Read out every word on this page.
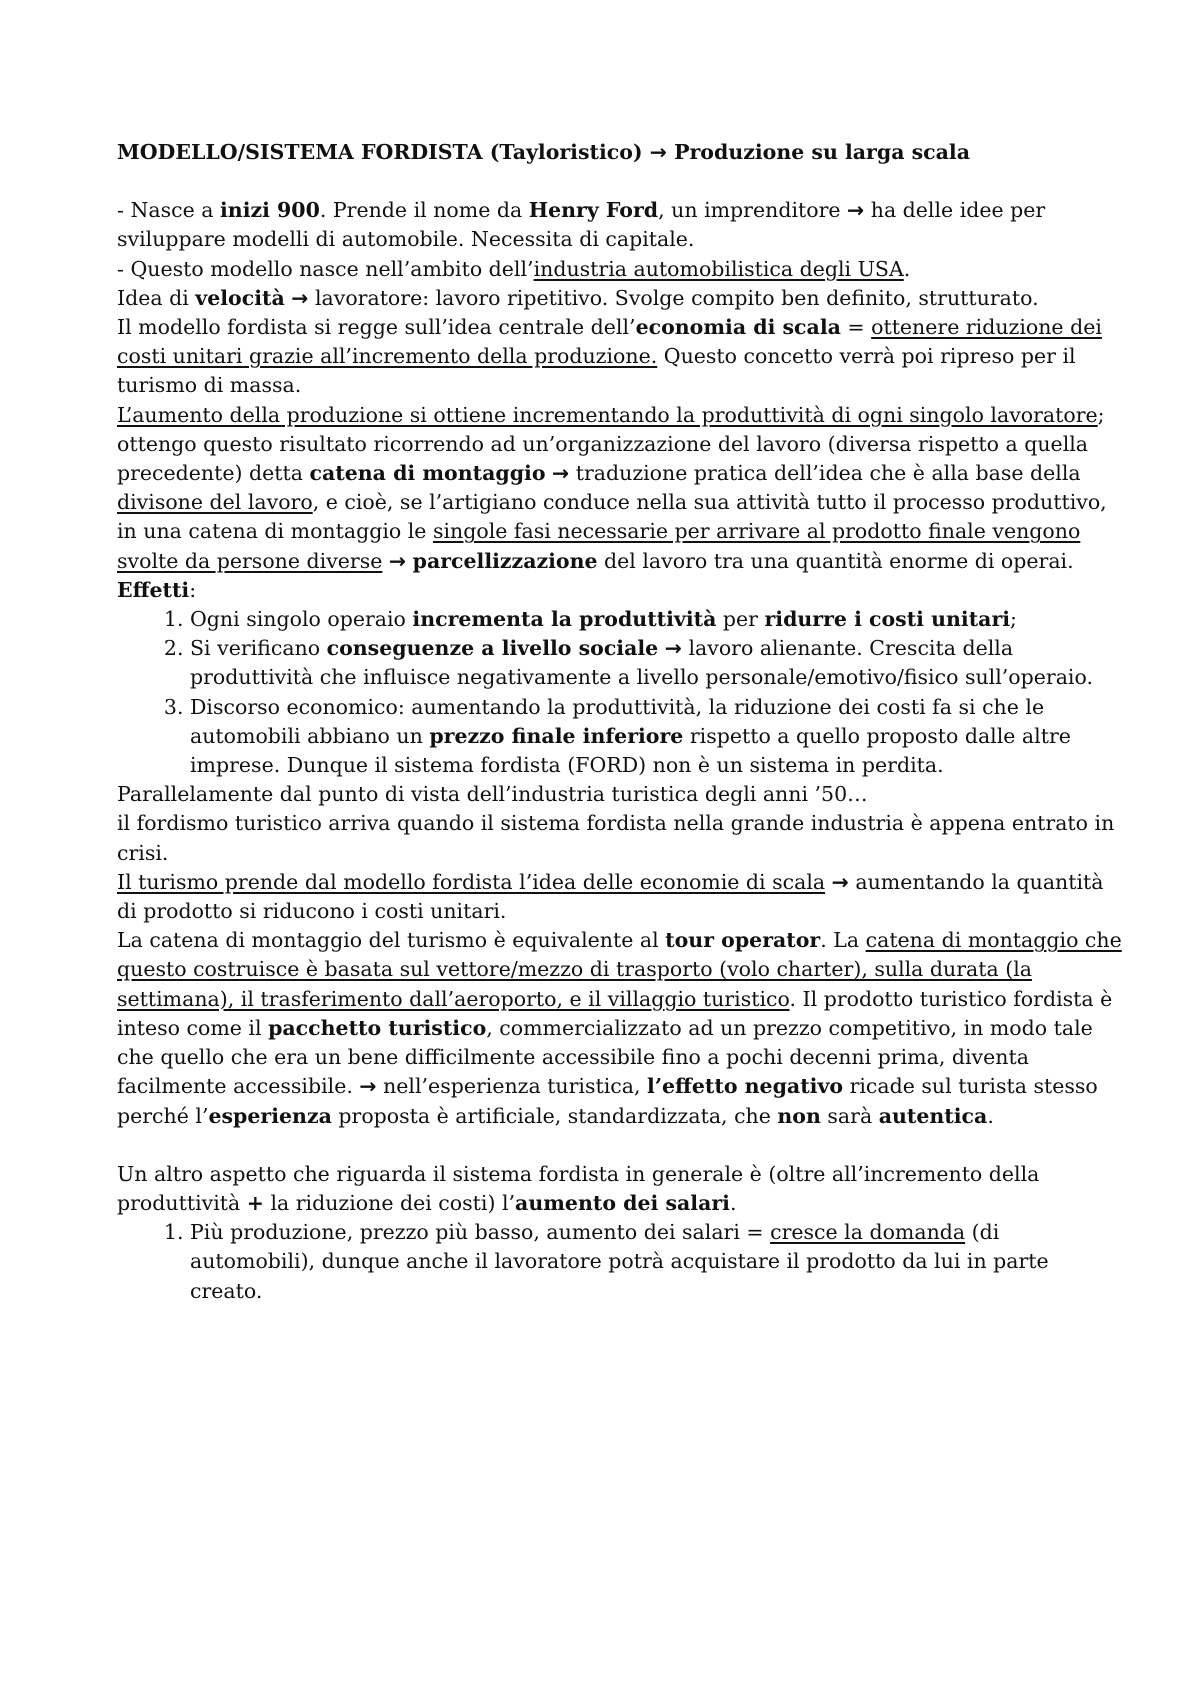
MODELLO/SISTEMA FORDISTA (Tayloristico) → Produzione su larga scala

- Nasce a inizi 900. Prende il nome da Henry Ford, un imprenditore → ha delle idee per sviluppare modelli di automobile. Necessita di capitale.

- Questo modello nasce nell’ambito dell’industria automobilistica degli USA.

Idea di velocità → lavoratore: lavoro ripetitivo. Svolge compito ben definito, strutturato.

Il modello fordista si regge sull’idea centrale dell’economia di scala = ottenere riduzione dei costi unitari grazie all’incremento della produzione. Questo concetto verrà poi ripreso per il turismo di massa.

L’aumento della produzione si ottiene incrementando la produttività di ogni singolo lavoratore; ottengo questo risultato ricorrendo ad un’organizzazione del lavoro (diversa rispetto a quella precedente) detta catena di montaggio → traduzione pratica dell’idea che è alla base della divisone del lavoro, e cioè, se l’artigiano conduce nella sua attività tutto il processo produttivo, in una catena di montaggio le singole fasi necessarie per arrivare al prodotto finale vengono svolte da persone diverse → parcellizzazione del lavoro tra una quantità enorme di operai.

Effetti:

1. Ogni singolo operaio incrementa la produttività per ridurre i costi unitari;
2. Si verificano conseguenze a livello sociale → lavoro alienante. Crescita della produttività che influisce negativamente a livello personale/emotivo/fisico sull’operaio.
3. Discorso economico: aumentando la produttività, la riduzione dei costi fa si che le automobili abbiano un prezzo finale inferiore rispetto a quello proposto dalle altre imprese. Dunque il sistema fordista (FORD) non è un sistema in perdita.

Parallelamente dal punto di vista dell’industria turistica degli anni ’50…

il fordismo turistico arriva quando il sistema fordista nella grande industria è appena entrato in crisi.

Il turismo prende dal modello fordista l’idea delle economie di scala → aumentando la quantità di prodotto si riducono i costi unitari.

La catena di montaggio del turismo è equivalente al tour operator. La catena di montaggio che questo costruisce è basata sul vettore/mezzo di trasporto (volo charter), sulla durata (la settimana), il trasferimento dall’aeroporto, e il villaggio turistico. Il prodotto turistico fordista è inteso come il pacchetto turistico, commercializzato ad un prezzo competitivo, in modo tale che quello che era un bene difficilmente accessibile fino a pochi decenni prima, diventa facilmente accessibile. → nell’esperienza turistica, l’effetto negativo ricade sul turista stesso perché l’esperienza proposta è artificiale, standardizzata, che non sarà autentica.

Un altro aspetto che riguarda il sistema fordista in generale è (oltre all’incremento della produttività + la riduzione dei costi) l’aumento dei salari.

1. Più produzione, prezzo più basso, aumento dei salari = cresce la domanda (di automobili), dunque anche il lavoratore potrà acquistare il prodotto da lui in parte creato.
